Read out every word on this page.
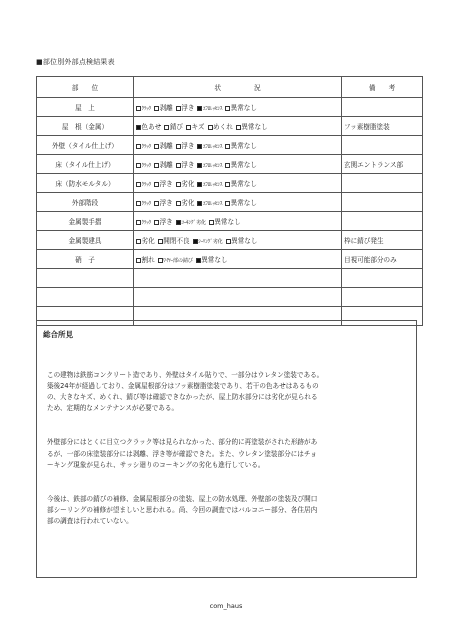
■部位別外部点検結果表
部　　位	状　　　　　況	備　　考
屋　上	ｸﾗｯｸ 剥離 浮き ｴﾌﾛﾚｯｾﾝｽ 異常なし	
屋　根（金属）	色あせ 錆び キズ めくれ 異常なし	フッ素樹脂塗装
外壁（タイル仕上げ）	ｸﾗｯｸ 剥離 浮き ｴﾌﾛﾚｯｾﾝｽ 異常なし	
床（タイル仕上げ）	ｸﾗｯｸ 剥離 浮き ｴﾌﾛﾚｯｾﾝｽ 異常なし	玄関エントランス部
床（防水モルタル）	ｸﾗｯｸ 浮き 劣化 ｴﾌﾛﾚｯｾﾝｽ 異常なし	
外部階段	ｸﾗｯｸ 浮き 劣化 ｴﾌﾛﾚｯｾﾝｽ 異常なし	
金属製手摺	ｸﾗｯｸ 浮き ｺｰｷﾝｸﾞ劣化 異常なし	
金属製建具	劣化 開閉不良 ｼｰﾘﾝｸﾞ劣化 異常なし	枠に錆び発生
硝　子	割れ ﾜｲﾔｰ部の錆び 異常なし	目視可能部分のみ

総合所見

この建物は鉄筋コンクリート造であり、外壁はタイル貼りで、一部分はウレタン塗装である。
築後24年が経過しており、金属屋根部分はフッ素樹脂塗装であり、若干の色あせはあるもの
の、大きなキズ、めくれ、錆び等は確認できなかったが、屋上防水部分には劣化が見られる
ため、定期的なメンテナンスが必要である。

外壁部分にはとくに目立つクラック等は見られなかった、部分的に再塗装がされた形跡があ
るが、一部の床塗装部分には剥離、浮き等が確認できた。また、ウレタン塗装部分にはチョ
ーキング現象が見られ、サッシ廻りのコーキングの劣化も進行している。

今後は、鉄部の錆びの補修、金属屋根部分の塗装、屋上の防水処理、外壁部の塗装及び開口
部シーリングの補修が望ましいと思われる。尚、今回の調査ではバルコニー部分、各住居内
部の調査は行われていない。

com_haus
